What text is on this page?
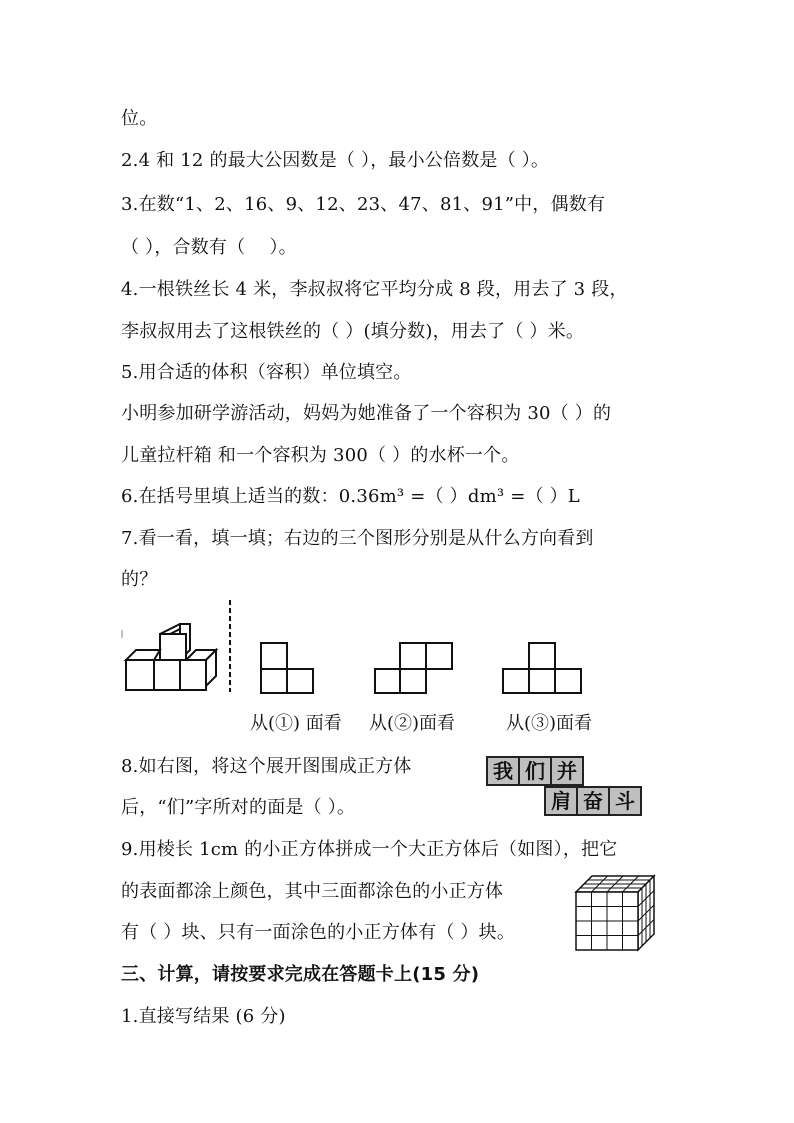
位。
2.4 和 12 的最大公因数是（ ），最小公倍数是（ ）。
3.在数“1、2、16、9、12、23、47、81、91”中，偶数有
（ ），合数有（　 ）。
4.一根铁丝长 4 米，李叔叔将它平均分成 8 段，用去了 3 段，
李叔叔用去了这根铁丝的（ ）(填分数)，用去了（ ）米。
5.用合适的体积（容积）单位填空。
小明参加研学游活动，妈妈为她准备了一个容积为 30（ ）的
儿童拉杆箱 和一个容积为 300（ ）的水杯一个。
6.在括号里填上适当的数：0.36m³ =（ ）dm³ =（ ）L
7.看一看，填一填；右边的三个图形分别是从什么方向看到
的？
从(①) 面看 从(②)面看	从(③)面看
8.如右图，将这个展开图围成正方体
后，“们”字所对的面是（ ）。
我 们 并
肩 奋 斗
9.用棱长 1cm 的小正方体拼成一个大正方体后（如图），把它
的表面都涂上颜色，其中三面都涂色的小正方体
有（ ）块、只有一面涂色的小正方体有（ ）块。
三、计算，请按要求完成在答题卡上(15 分)
1.直接写结果 (6 分)
